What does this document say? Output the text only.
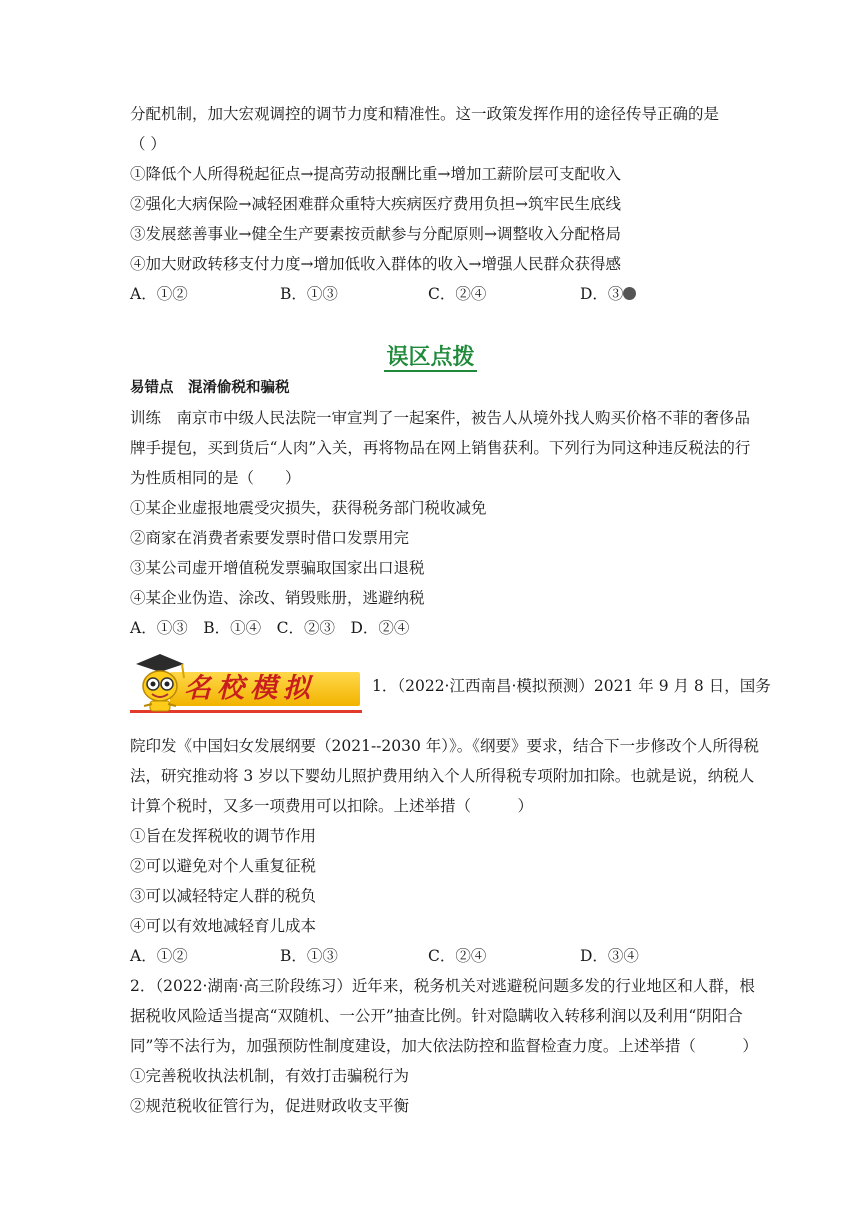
分配机制，加大宏观调控的调节力度和精准性。这一政策发挥作用的途径传导正确的是
（ ）
①降低个人所得税起征点→提高劳动报酬比重→增加工薪阶层可支配收入
②强化大病保险→减轻困难群众重特大疾病医疗费用负担→筑牢民生底线
③发展慈善事业→健全生产要素按贡献参与分配原则→调整收入分配格局
④加大财政转移支付力度→增加低收入群体的收入→增强人民群众获得感
A．①②	B．①③	C．②④	D．③
误区点拨
易错点　混淆偷税和骗税
训练　南京市中级人民法院一审宣判了一起案件，被告人从境外找人购买价格不菲的奢侈品
牌手提包，买到货后“人肉”入关，再将物品在网上销售获利。下列行为同这种违反税法的行
为性质相同的是（　　）
①某企业虚报地震受灾损失，获得税务部门税收减免
②商家在消费者索要发票时借口发票用完
③某公司虚开增值税发票骗取国家出口退税
④某企业伪造、涂改、销毁账册，逃避纳税
A．①③　B．①④　C．②③　D．②④
名校模拟	1．（2022·江西南昌·模拟预测）2021 年 9 月 8 日，国务
院印发《中国妇女发展纲要（2021--2030 年）》。《纲要》要求，结合下一步修改个人所得税
法，研究推动将 3 岁以下婴幼儿照护费用纳入个人所得税专项附加扣除。也就是说，纳税人
计算个税时，又多一项费用可以扣除。上述举措（　　　）
①旨在发挥税收的调节作用
②可以避免对个人重复征税
③可以减轻特定人群的税负
④可以有效地减轻育儿成本
A．①②	B．①③	C．②④	D．③④
2．（2022·湖南·高三阶段练习）近年来，税务机关对逃避税问题多发的行业地区和人群，根
据税收风险适当提高“双随机、一公开”抽查比例。针对隐瞒收入转移利润以及利用“阴阳合
同”等不法行为，加强预防性制度建设，加大依法防控和监督检查力度。上述举措（　　　）
①完善税收执法机制，有效打击骗税行为
②规范税收征管行为，促进财政收支平衡
